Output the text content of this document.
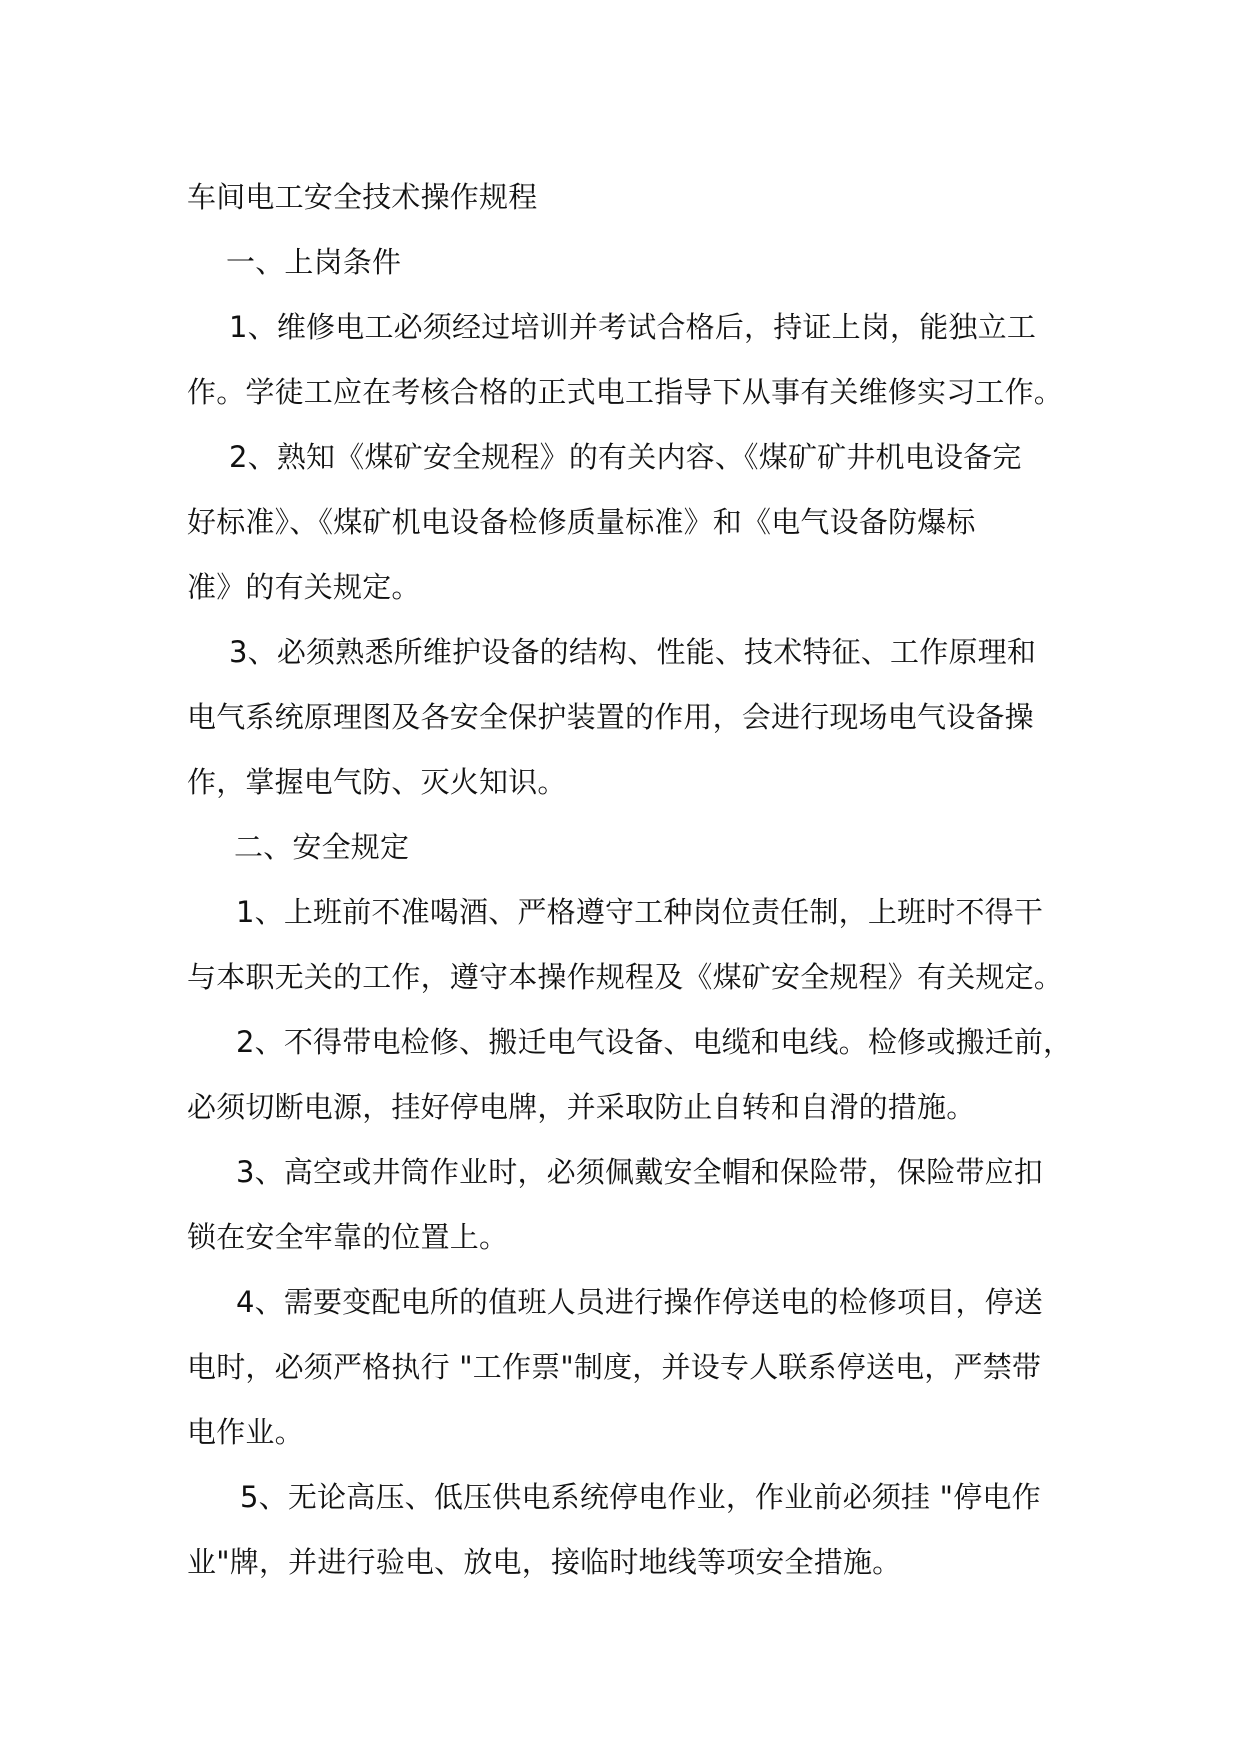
车间电工安全技术操作规程
一、上岗条件
1、维修电工必须经过培训并考试合格后，持证上岗，能独立工
作。学徒工应在考核合格的正式电工指导下从事有关维修实习工作。
2、熟知《煤矿安全规程》的有关内容、《煤矿矿井机电设备完
好标准》、《煤矿机电设备检修质量标准》和《电气设备防爆标
准》的有关规定。
3、必须熟悉所维护设备的结构、性能、技术特征、工作原理和
电气系统原理图及各安全保护装置的作用，会进行现场电气设备操
作，掌握电气防、灭火知识。
二、安全规定
1、上班前不准喝酒、严格遵守工种岗位责任制，上班时不得干
与本职无关的工作，遵守本操作规程及《煤矿安全规程》有关规定。
2、不得带电检修、搬迁电气设备、电缆和电线。检修或搬迁前，
必须切断电源，挂好停电牌，并采取防止自转和自滑的措施。
3、高空或井筒作业时，必须佩戴安全帽和保险带，保险带应扣
锁在安全牢靠的位置上。
4、需要变配电所的值班人员进行操作停送电的检修项目，停送
电时，必须严格执行 "工作票"制度，并设专人联系停送电，严禁带
电作业。
5、无论高压、低压供电系统停电作业，作业前必须挂 "停电作
业"牌，并进行验电、放电，接临时地线等项安全措施。
